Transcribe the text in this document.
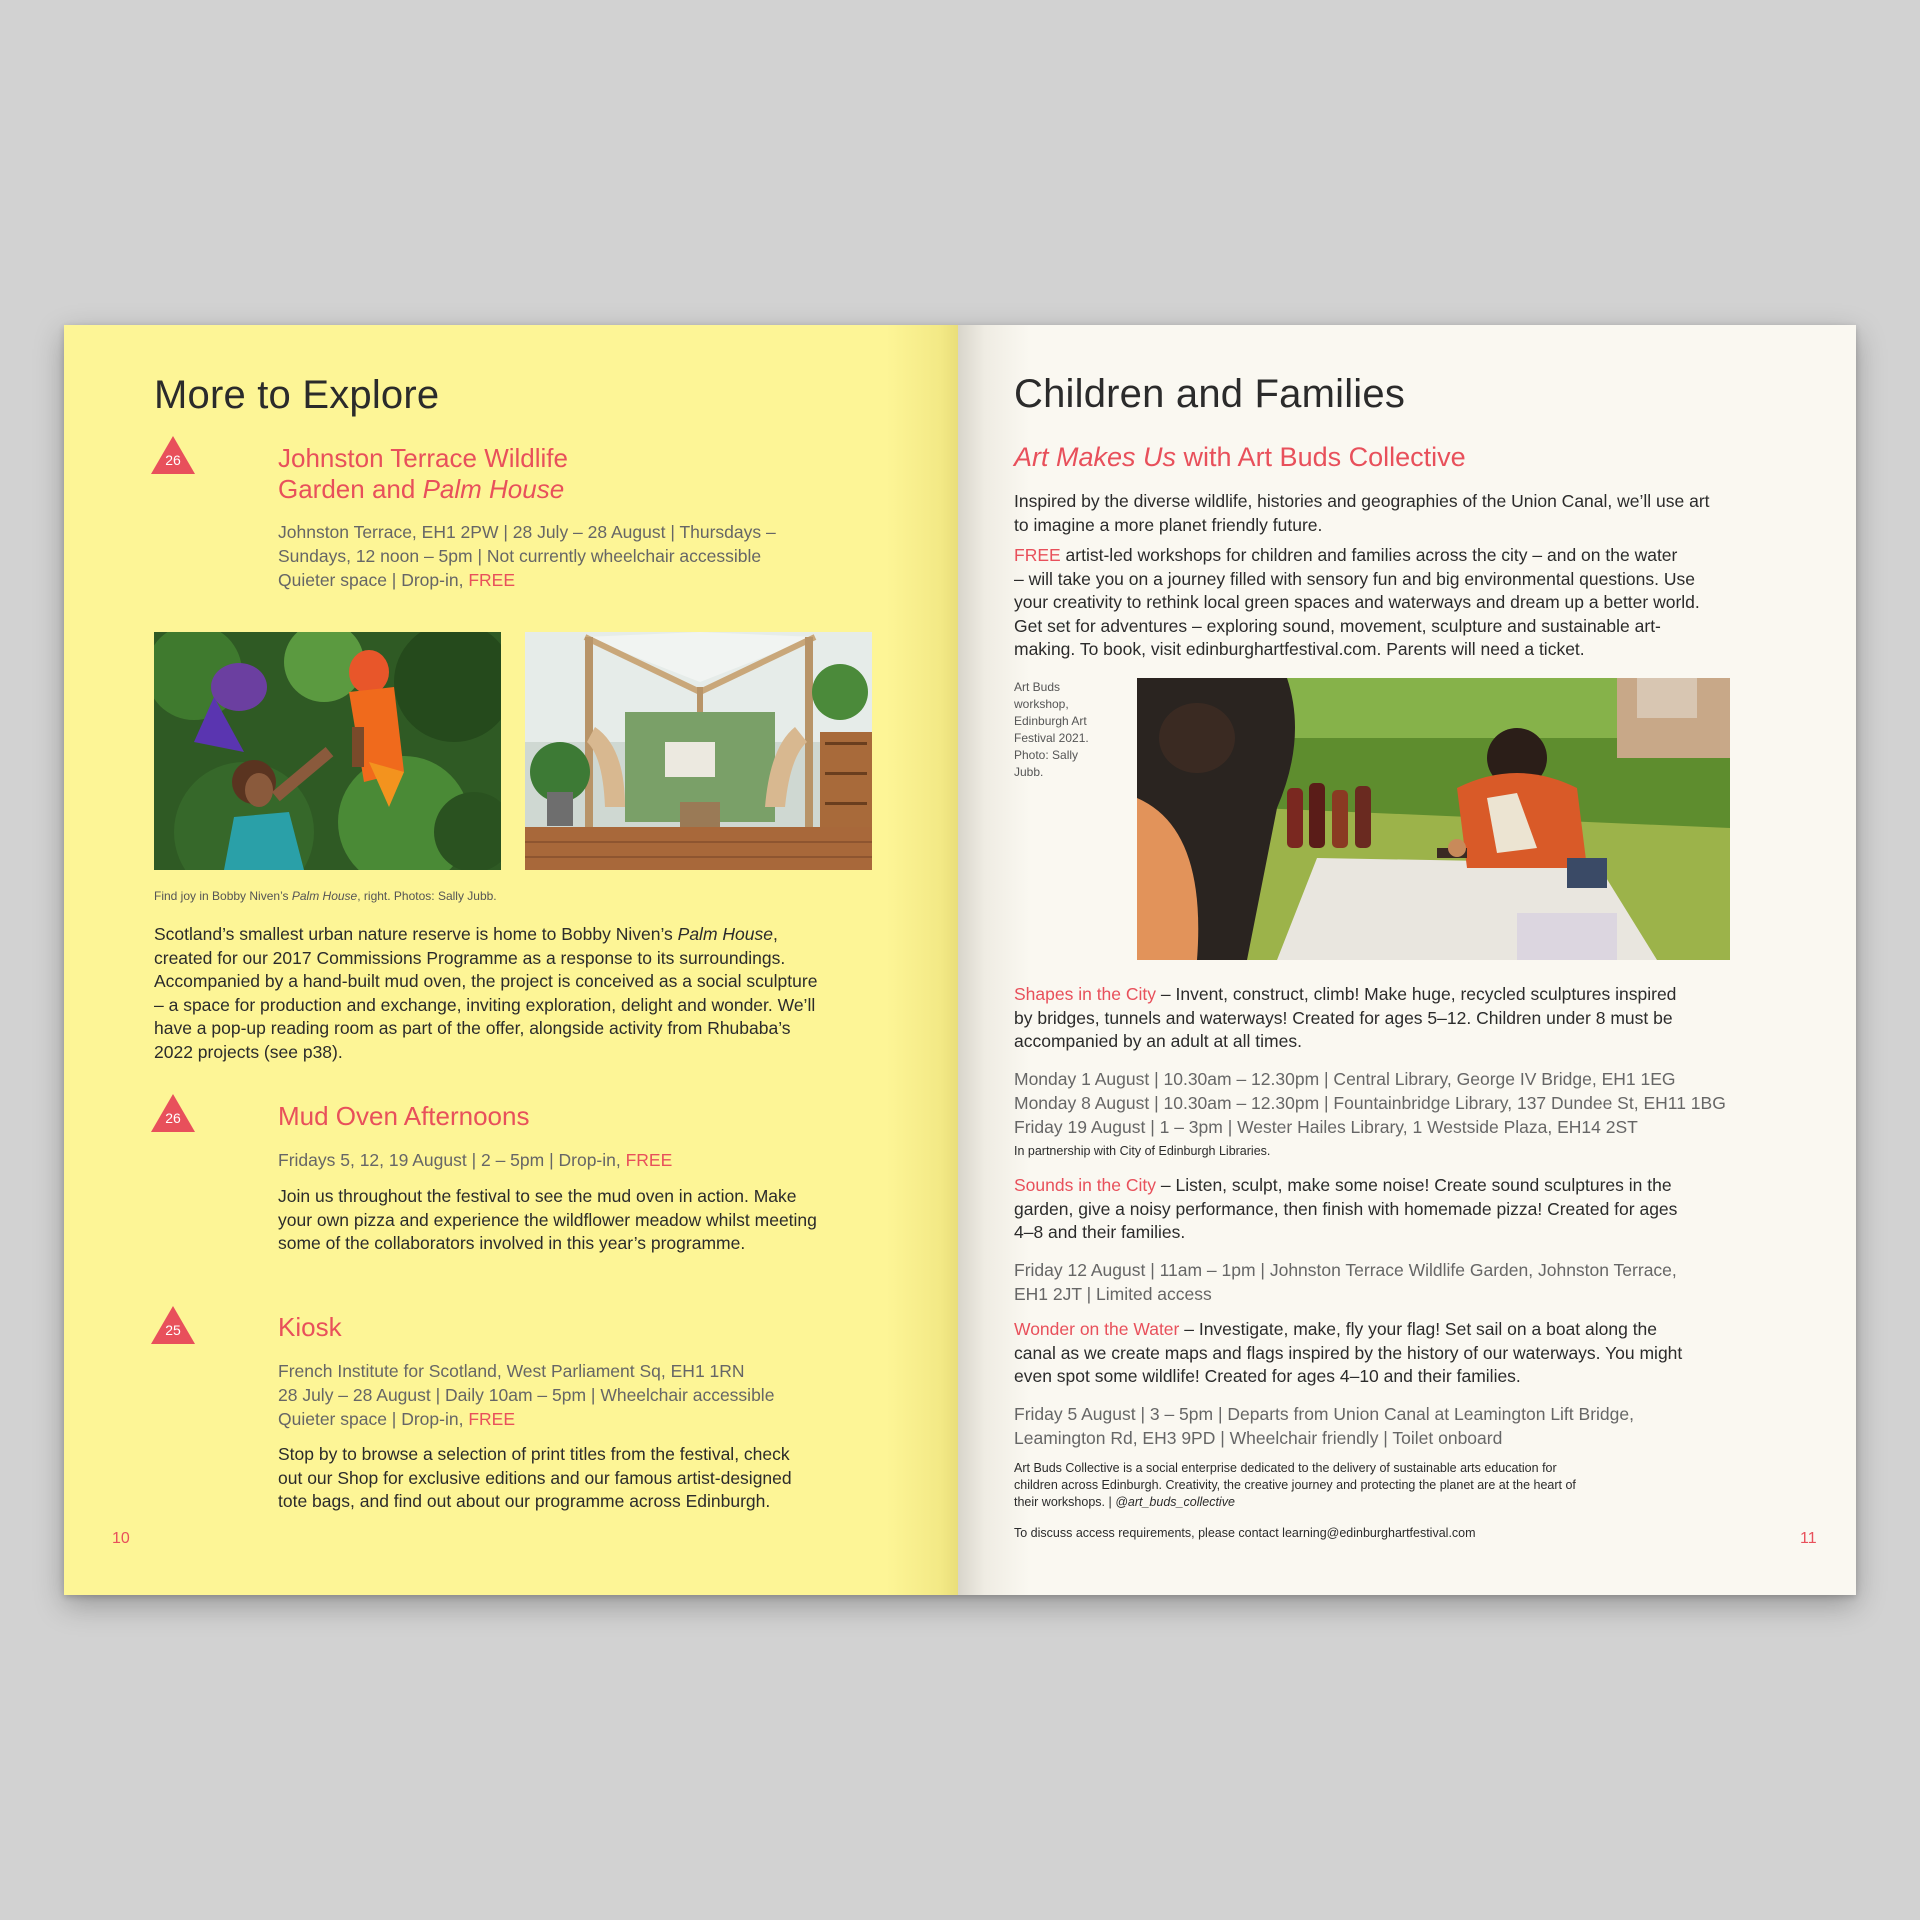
More to Explore
26	Johnston Terrace Wildlife
Garden and Palm House
Johnston Terrace, EH1 2PW | 28 July – 28 August | Thursdays –
Sundays, 12 noon – 5pm | Not currently wheelchair accessible
Quieter space | Drop-in, FREE
Find joy in Bobby Niven’s Palm House, right. Photos: Sally Jubb.
Scotland’s smallest urban nature reserve is home to Bobby Niven’s Palm House,
created for our 2017 Commissions Programme as a response to its surroundings.
Accompanied by a hand-built mud oven, the project is conceived as a social sculpture
– a space for production and exchange, inviting exploration, delight and wonder. We’ll
have a pop-up reading room as part of the offer, alongside activity from Rhubaba’s
2022 projects (see p38).
26	Mud Oven Afternoons
Fridays 5, 12, 19 August | 2 – 5pm | Drop-in, FREE
Join us throughout the festival to see the mud oven in action. Make
your own pizza and experience the wildflower meadow whilst meeting
some of the collaborators involved in this year’s programme.
25	Kiosk
French Institute for Scotland, West Parliament Sq, EH1 1RN
28 July – 28 August | Daily 10am – 5pm | Wheelchair accessible
Quieter space | Drop-in, FREE
Stop by to browse a selection of print titles from the festival, check
out our Shop for exclusive editions and our famous artist-designed
tote bags, and find out about our programme across Edinburgh.
10
Children and Families
Art Makes Us with Art Buds Collective
Inspired by the diverse wildlife, histories and geographies of the Union Canal, we’ll use art
to imagine a more planet friendly future.
FREE artist-led workshops for children and families across the city – and on the water
– will take you on a journey filled with sensory fun and big environmental questions. Use
your creativity to rethink local green spaces and waterways and dream up a better world.
Get set for adventures – exploring sound, movement, sculpture and sustainable art-
making. To book, visit edinburghartfestival.com. Parents will need a ticket.
Art Buds
workshop,
Edinburgh Art
Festival 2021.
Photo: Sally
Jubb.
Shapes in the City – Invent, construct, climb! Make huge, recycled sculptures inspired
by bridges, tunnels and waterways! Created for ages 5–12. Children under 8 must be
accompanied by an adult at all times.
Monday 1 August | 10.30am – 12.30pm | Central Library, George IV Bridge, EH1 1EG
Monday 8 August | 10.30am – 12.30pm | Fountainbridge Library, 137 Dundee St, EH11 1BG
Friday 19 August | 1 – 3pm | Wester Hailes Library, 1 Westside Plaza, EH14 2ST
In partnership with City of Edinburgh Libraries.
Sounds in the City – Listen, sculpt, make some noise! Create sound sculptures in the
garden, give a noisy performance, then finish with homemade pizza! Created for ages
4–8 and their families.
Friday 12 August | 11am – 1pm | Johnston Terrace Wildlife Garden, Johnston Terrace,
EH1 2JT | Limited access
Wonder on the Water – Investigate, make, fly your flag! Set sail on a boat along the
canal as we create maps and flags inspired by the history of our waterways. You might
even spot some wildlife! Created for ages 4–10 and their families.
Friday 5 August | 3 – 5pm | Departs from Union Canal at Leamington Lift Bridge,
Leamington Rd, EH3 9PD | Wheelchair friendly | Toilet onboard
Art Buds Collective is a social enterprise dedicated to the delivery of sustainable arts education for
children across Edinburgh. Creativity, the creative journey and protecting the planet are at the heart of
their workshops. | @art_buds_collective
To discuss access requirements, please contact learning@edinburghartfestival.com	11
